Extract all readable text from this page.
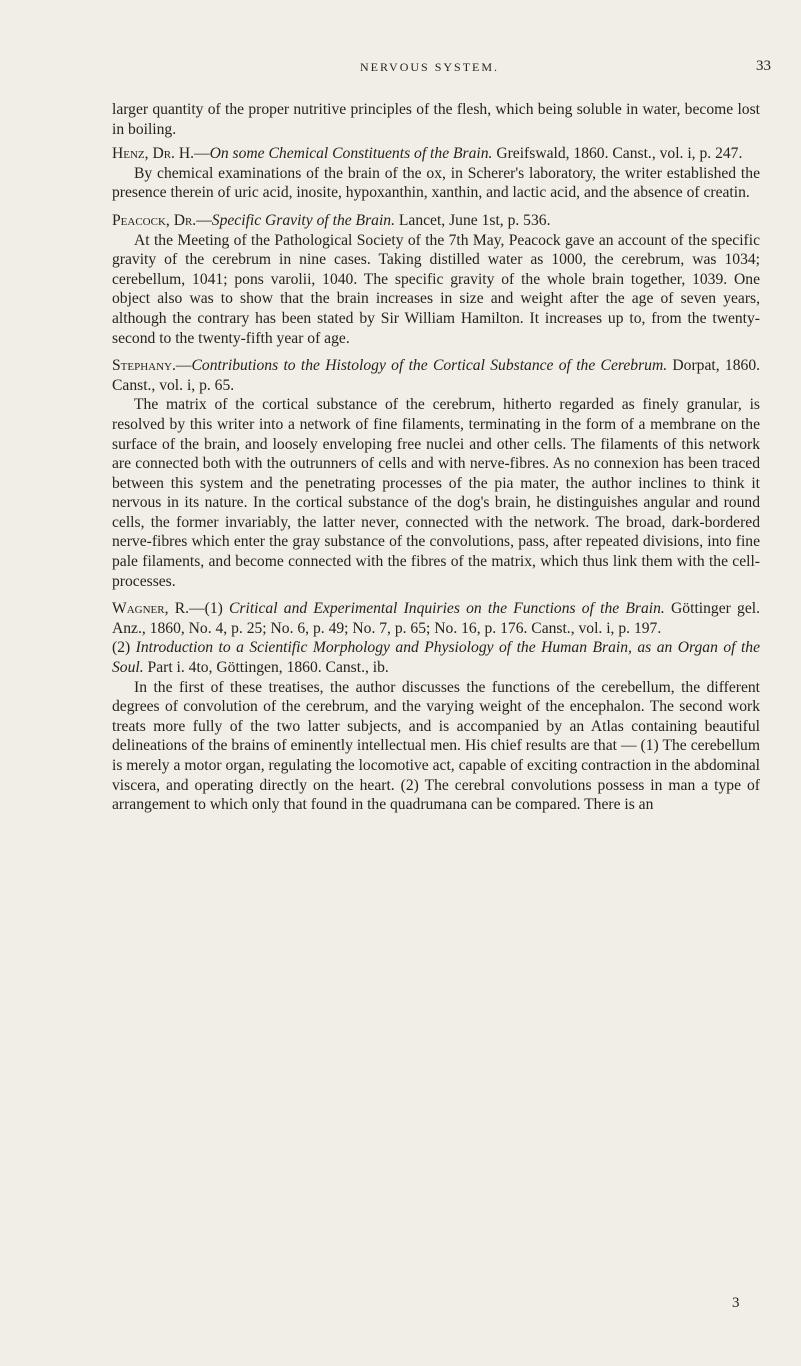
NERVOUS SYSTEM.	33

larger quantity of the proper nutritive principles of the flesh, which being soluble in water, become lost in boiling.

Henz, Dr. H.—On some Chemical Constituents of the Brain. Greifswald, 1860. Canst., vol. i, p. 247.

By chemical examinations of the brain of the ox, in Scherer's laboratory, the writer established the presence therein of uric acid, inosite, hypoxanthin, xanthin, and lactic acid, and the absence of creatin.

Peacock, Dr.—Specific Gravity of the Brain. Lancet, June 1st, p. 536.

At the Meeting of the Pathological Society of the 7th May, Peacock gave an account of the specific gravity of the cerebrum in nine cases. Taking distilled water as 1000, the cerebrum, was 1034; cerebellum, 1041; pons varolii, 1040. The specific gravity of the whole brain together, 1039. One object also was to show that the brain increases in size and weight after the age of seven years, although the contrary has been stated by Sir William Hamilton. It increases up to, from the twenty-second to the twenty-fifth year of age.

Stephany.—Contributions to the Histology of the Cortical Substance of the Cerebrum. Dorpat, 1860. Canst., vol. i, p. 65.

The matrix of the cortical substance of the cerebrum, hitherto regarded as finely granular, is resolved by this writer into a network of fine filaments, terminating in the form of a membrane on the surface of the brain, and loosely enveloping free nuclei and other cells. The filaments of this network are connected both with the outrunners of cells and with nerve-fibres. As no connexion has been traced between this system and the penetrating processes of the pia mater, the author inclines to think it nervous in its nature. In the cortical substance of the dog's brain, he distinguishes angular and round cells, the former invariably, the latter never, connected with the network. The broad, dark-bordered nerve-fibres which enter the gray substance of the convolutions, pass, after repeated divisions, into fine pale filaments, and become connected with the fibres of the matrix, which thus link them with the cell-processes.

Wagner, R.—(1) Critical and Experimental Inquiries on the Functions of the Brain. Göttinger gel. Anz., 1860, No. 4, p. 25; No. 6, p. 49; No. 7, p. 65; No. 16, p. 176. Canst., vol. i, p. 197.

(2) Introduction to a Scientific Morphology and Physiology of the Human Brain, as an Organ of the Soul. Part i. 4to, Göttingen, 1860. Canst., ib.

In the first of these treatises, the author discusses the functions of the cerebellum, the different degrees of convolution of the cerebrum, and the varying weight of the encephalon. The second work treats more fully of the two latter subjects, and is accompanied by an Atlas containing beautiful delineations of the brains of eminently intellectual men. His chief results are that — (1) The cerebellum is merely a motor organ, regulating the locomotive act, capable of exciting contraction in the abdominal viscera, and operating directly on the heart. (2) The cerebral convolutions possess in man a type of arrangement to which only that found in the quadrumana can be compared. There is an

3
